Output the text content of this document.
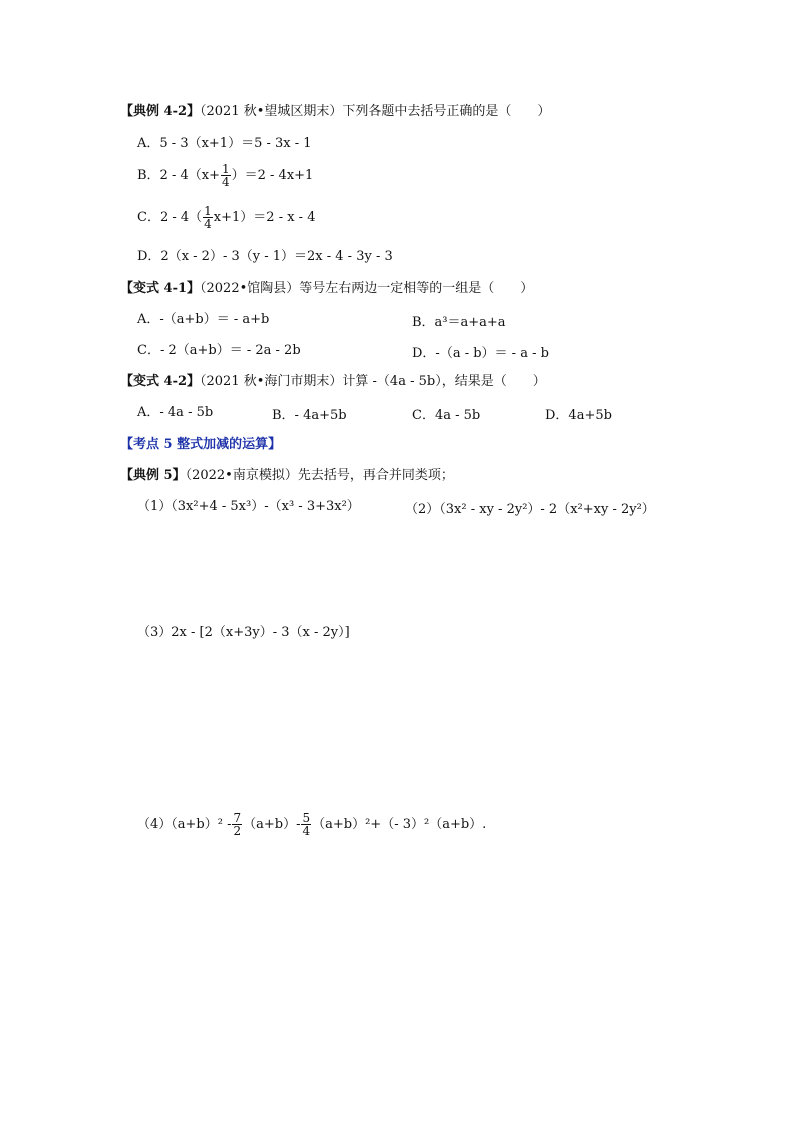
【典例 4-2】（2021 秋•望城区期末）下列各题中去括号正确的是（　　）
A．5 - 3（x+1）＝5 - 3x - 1
B．$2 - 4(x+ \frac{1}{4} )=2 - 4x+1$
C．$2 - 4( \frac{1}{4} x+1)=2 - x - 4$
D．2（x - 2）- 3（y - 1）＝2x - 4 - 3y - 3
【变式 4-1】（2022•馆陶县）等号左右两边一定相等的一组是（　　）
A．-（a+b）＝ - a+b	B．a³＝a+a+a
C．- 2（a+b）＝ - 2a - 2b	D．-（a - b）＝ - a - b
【变式 4-2】（2021 秋•海门市期末）计算 -（4a - 5b），结果是（　　）
A．- 4a - 5b	B．- 4a+5b	C．4a - 5b	D．4a+5b
【考点 5 整式加减的运算】
【典例 5】（2022•南京模拟）先去括号，再合并同类项；
（1）（3x²+4 - 5x³）-（x³ - 3+3x²）	（2）（3x² - xy - 2y²）- 2（x²+xy - 2y²）
（3）2x - [2（x+3y）- 3（x - 2y）]
$(4)(a+b)^2 - \frac{7}{2} (a+b)- \frac{5}{4} (a+b)^2+(-$ 3）²（a+b）.
